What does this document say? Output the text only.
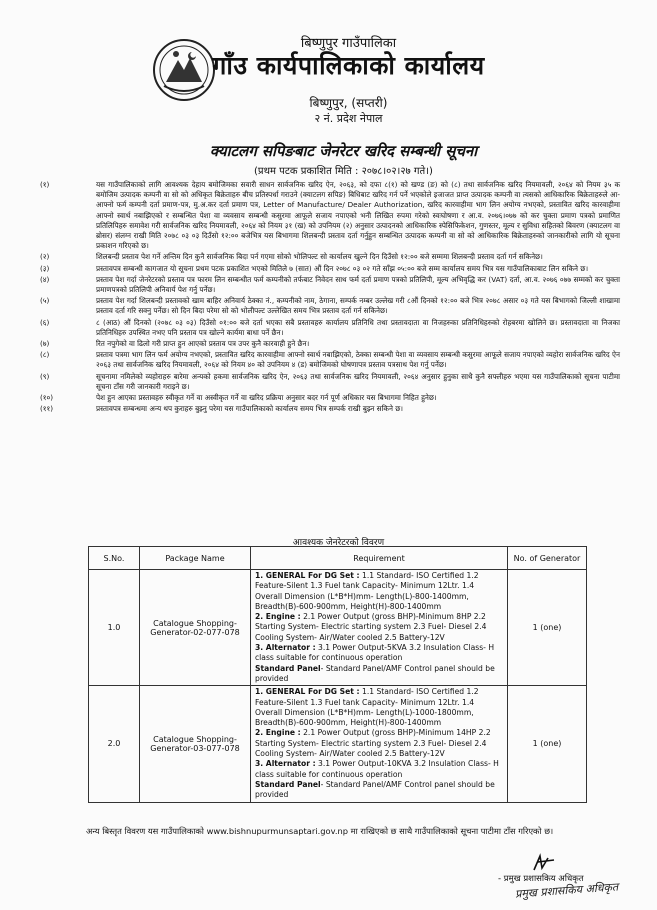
बिष्णुपुर गाउँपालिका
गाँउ कार्यपालिकाको कार्यालय
बिष्णुपुर, (सप्तरी)
२ नं. प्रदेश नेपाल
क्याटलग सपिङबाट जेनरेटर खरिद सम्बन्धी सूचना
(प्रथम पटक प्रकाशित मिति : २०७८।०२।२७ गते।)
(१)	यस गाउँपालिकाको लागि आवश्यक देहाय बमोजिमका सवारी साधन सार्वजनिक खरिद ऐन, २०६३, को दफा ८(१) को खण्ड (ङ) को (८) तथा सार्वजनिक खरिद नियमावली, २०६४ को नियम ३५ क बमोजिम उत्पादक कम्पनी वा सो को अधिकृत बिक्रेताहरु बीच प्रतिस्पर्धा गराउने (क्याटलग सपिङ) बिधिबाट खरिद गर्न पर्ने भएकोले इजाजत प्राप्त उत्पादक कम्पनी वा त्यसको आधिकारिक बिक्रेताहरुले आ-आफ्नो फर्म कम्पनी दर्ता प्रमाण-पत्र, मु.अ.कर दर्ता प्रमाण पत्र, Letter of Manufacture/ Dealer Authorization, खरिद कारवाहीमा भाग लिन अयोग्य नभएको, प्रस्तावित खरिद कारवाहीमा आफ्नो स्वार्थ नबाझिएको र सम्बन्धित पेशा वा व्यवसाय सम्बन्धी कसुरमा आफूले सजाय नपाएको भनी लिखित रुपमा गरेको स्वःघोषणा र आ.व. २०७६।०७७ को कर चुक्ता प्रमाण पत्रको प्रमाणित प्रतिलिपिहरु समावेश गरी सार्वजनिक खरिद नियमावली, २०६४ को नियम ३१ (ख) को उपनियम (२) अनुसार उत्पादनको आधिकारिक स्पेसिफिकेशन, गुणस्तर, मूल्य र सुविधा सहितको बिवरण (क्याटलग वा ब्रोसर) संलग्न राखी मिति २०७८ ०३ ०३ दिउँसो १२:०० बजेभित्र यस बिभागमा शिलबन्दी प्रस्ताव दर्ता गर्नुहुन सम्बन्धित उत्पादक कम्पनी वा सो को आधिकारिक बिक्रेताहरुको जानकारीको लागि यो सूचना प्रकाशन गरिएको छ।
(२)	शिलबन्दी प्रस्ताव पेश गर्ने अन्तिम दिन कुनै सार्वजनिक बिदा पर्न गएमा सोको भोलिपल्ट सो कार्यालय खुल्ने दिन दिउँसो १२:०० बजे सम्ममा शिलबन्दी प्रस्ताव दर्ता गर्न सकिनेछ।
(३)	प्रस्तावपत्र सम्बन्धी कागजात यो सूचना प्रथम पटक प्रकाशित भएको मितिले ७ (सात) औं दिन २०७८ ०३ ०२ गते साँझ ०५:०० बजे सम्म कार्यालय समय भित्र यस गाउँपालिकाबाट लिन सकिने छ।
(४)	प्रस्ताव पेश गर्दा जेनरेटरको प्रस्ताव पत्र फारम लिन सम्बन्धीत फर्म कम्पनीको तर्फबाट निवेदन साथ फर्म दर्ता प्रमाण पत्रको प्रतिलिपी, मूल्य अभिवृद्धि कर (VAT) दर्ता, आ.व. २०७६ ०७७ सम्मको कर चुक्ता प्रमाणपत्रको प्रतिलिपी अनिवार्य पेश गर्नु पर्नेछ।
(५)	प्रस्ताव पेश गर्दा शिलबन्दी प्रस्तावको खाम बाहिर अनिवार्य ठेक्का नं., कम्पनीको नाम, ठेगाना, सम्पर्क नम्बर उल्लेख गरी ८औं दिनको १२:०० बजे भित्र २०७८ असार ०३ गते यस बिभागको जिल्ली शाखामा प्रस्ताव दर्ता गरि सक्नु पर्नेछ। सो दिन बिदा परेमा सो को भोलीपल्ट उल्लेखित समय भित्र प्रस्ताव दर्ता गर्न सकिनेछ।
(६)	८ (आठ) औं दिनको (२०७८ ०३ ०३) दिउँसो ०१:०० बजे दर्ता भएका सबै प्रस्तावहरु कार्यालय प्रतिनिधि तथा प्रस्तावदाता वा निजहरुका प्रतिनिधिहरुको रोहबरमा खोलिने छ। प्रस्तावदाता वा निजका प्रतिनिधिहरु उपस्थित नभए पनि प्रस्ताव पत्र खोल्ने कार्यमा बाधा पर्ने छैन।
(७)	रित नपुगेको वा ढिलो गरी प्राप्त हुन आएको प्रस्ताव पत्र उपर कुनै कारवाही हुने छैन।
(८)	प्रस्ताव पत्रमा भाग लिन फर्म अयोग्य नभएको, प्रस्तावित खरिद कारवाहीमा आफ्नो स्वार्थ नबाझिएको, ठेक्का सम्बन्धी पेशा वा व्यवसाय सम्बन्धी कसुरमा आफूले सजाय नपाएको व्यहोरा सार्वजनिक खरिद ऐन २०६३ तथा सार्वजनिक खरिद नियमावली, २०६४ को नियम ४० को उपनियम ४ (ड) बमोजिमको घोषणापत्र प्रस्ताव पत्रसाथ पेश गर्नु पर्नेछ।
(९)	सूचनामा नमिलेको व्यहोराहरु बारेमा अन्यको हकमा सार्वजनिक खरिद ऐन, २०६३ तथा सार्वजनिक खरिद नियमावली, २०६४ अनुसार हुनुका साथै कुनै सफ्लीहरु भएमा यस गाउँपालिकाको सूचना पाटीमा सूचना टाँस गरी जानकारी गराइने छ।
(१०)	पेश हुन आएका प्रस्तावहरु स्वीकृत गर्ने वा अस्वीकृत गर्ने वा खरिद प्रक्रिया अनुसार बदर गर्न पूर्ण अधिकार यस बिभागमा निहित हुनेछ।
(११)	प्रस्तावपत्र सम्बन्धमा अन्य थप कुराहरु बुझ्नु परेमा यस गाउँपालिकाको कार्यालय समय भित्र सम्पर्क राखी बुझ्न सकिने छ।
आवश्यक जेनरेटरको विवरण
S.No.	Package Name	Requirement	No. of Generator
1.0	Catalogue Shopping-Generator-02-077-078	1. GENERAL For DG Set : 1.1 Standard- ISO Certified 1.2 Feature-Silent 1.3 Fuel tank Capacity- Minimum 12Ltr. 1.4 Overall Dimension (L*B*H)mm- Length(L)-800-1400mm, Breadth(B)-600-900mm, Height(H)-800-1400mm
2. Engine : 2.1 Power Output (gross BHP)-Minimum 8HP 2.2 Starting System- Electric starting system 2.3 Fuel- Diesel 2.4 Cooling System- Air/Water cooled 2.5 Battery-12V
3. Alternator : 3.1 Power Output-5KVA 3.2 Insulation Class- H class suitable for continuous operation
Standard Panel- Standard Panel/AMF Control panel should be provided	1 (one)
2.0	Catalogue Shopping-Generator-03-077-078	1. GENERAL For DG Set : 1.1 Standard- ISO Certified 1.2 Feature-Silent 1.3 Fuel tank Capacity- Minimum 12Ltr. 1.4 Overall Dimension (L*B*H)mm- Length(L)-1000-1800mm, Breadth(B)-600-900mm, Height(H)-800-1400mm
2. Engine : 2.1 Power Output (gross BHP)-Minimum 14HP 2.2 Starting System- Electric starting system 2.3 Fuel- Diesel 2.4 Cooling System- Air/Water cooled 2.5 Battery-12V
3. Alternator : 3.1 Power Output-10KVA 3.2 Insulation Class- H class suitable for continuous operation
Standard Panel- Standard Panel/AMF Control panel should be provided	1 (one)
अन्य बिस्तृत विवरण यस गाउँपालिकाको www.bishnupurmunsaptari.gov.np मा राखिएको छ साथै गाउँपालिकाको सूचना पाटीमा टाँस गरिएको छ।
- प्रमुख प्रशासकिय अधिकृत
प्रमुख प्रशासकिय अधिकृत
